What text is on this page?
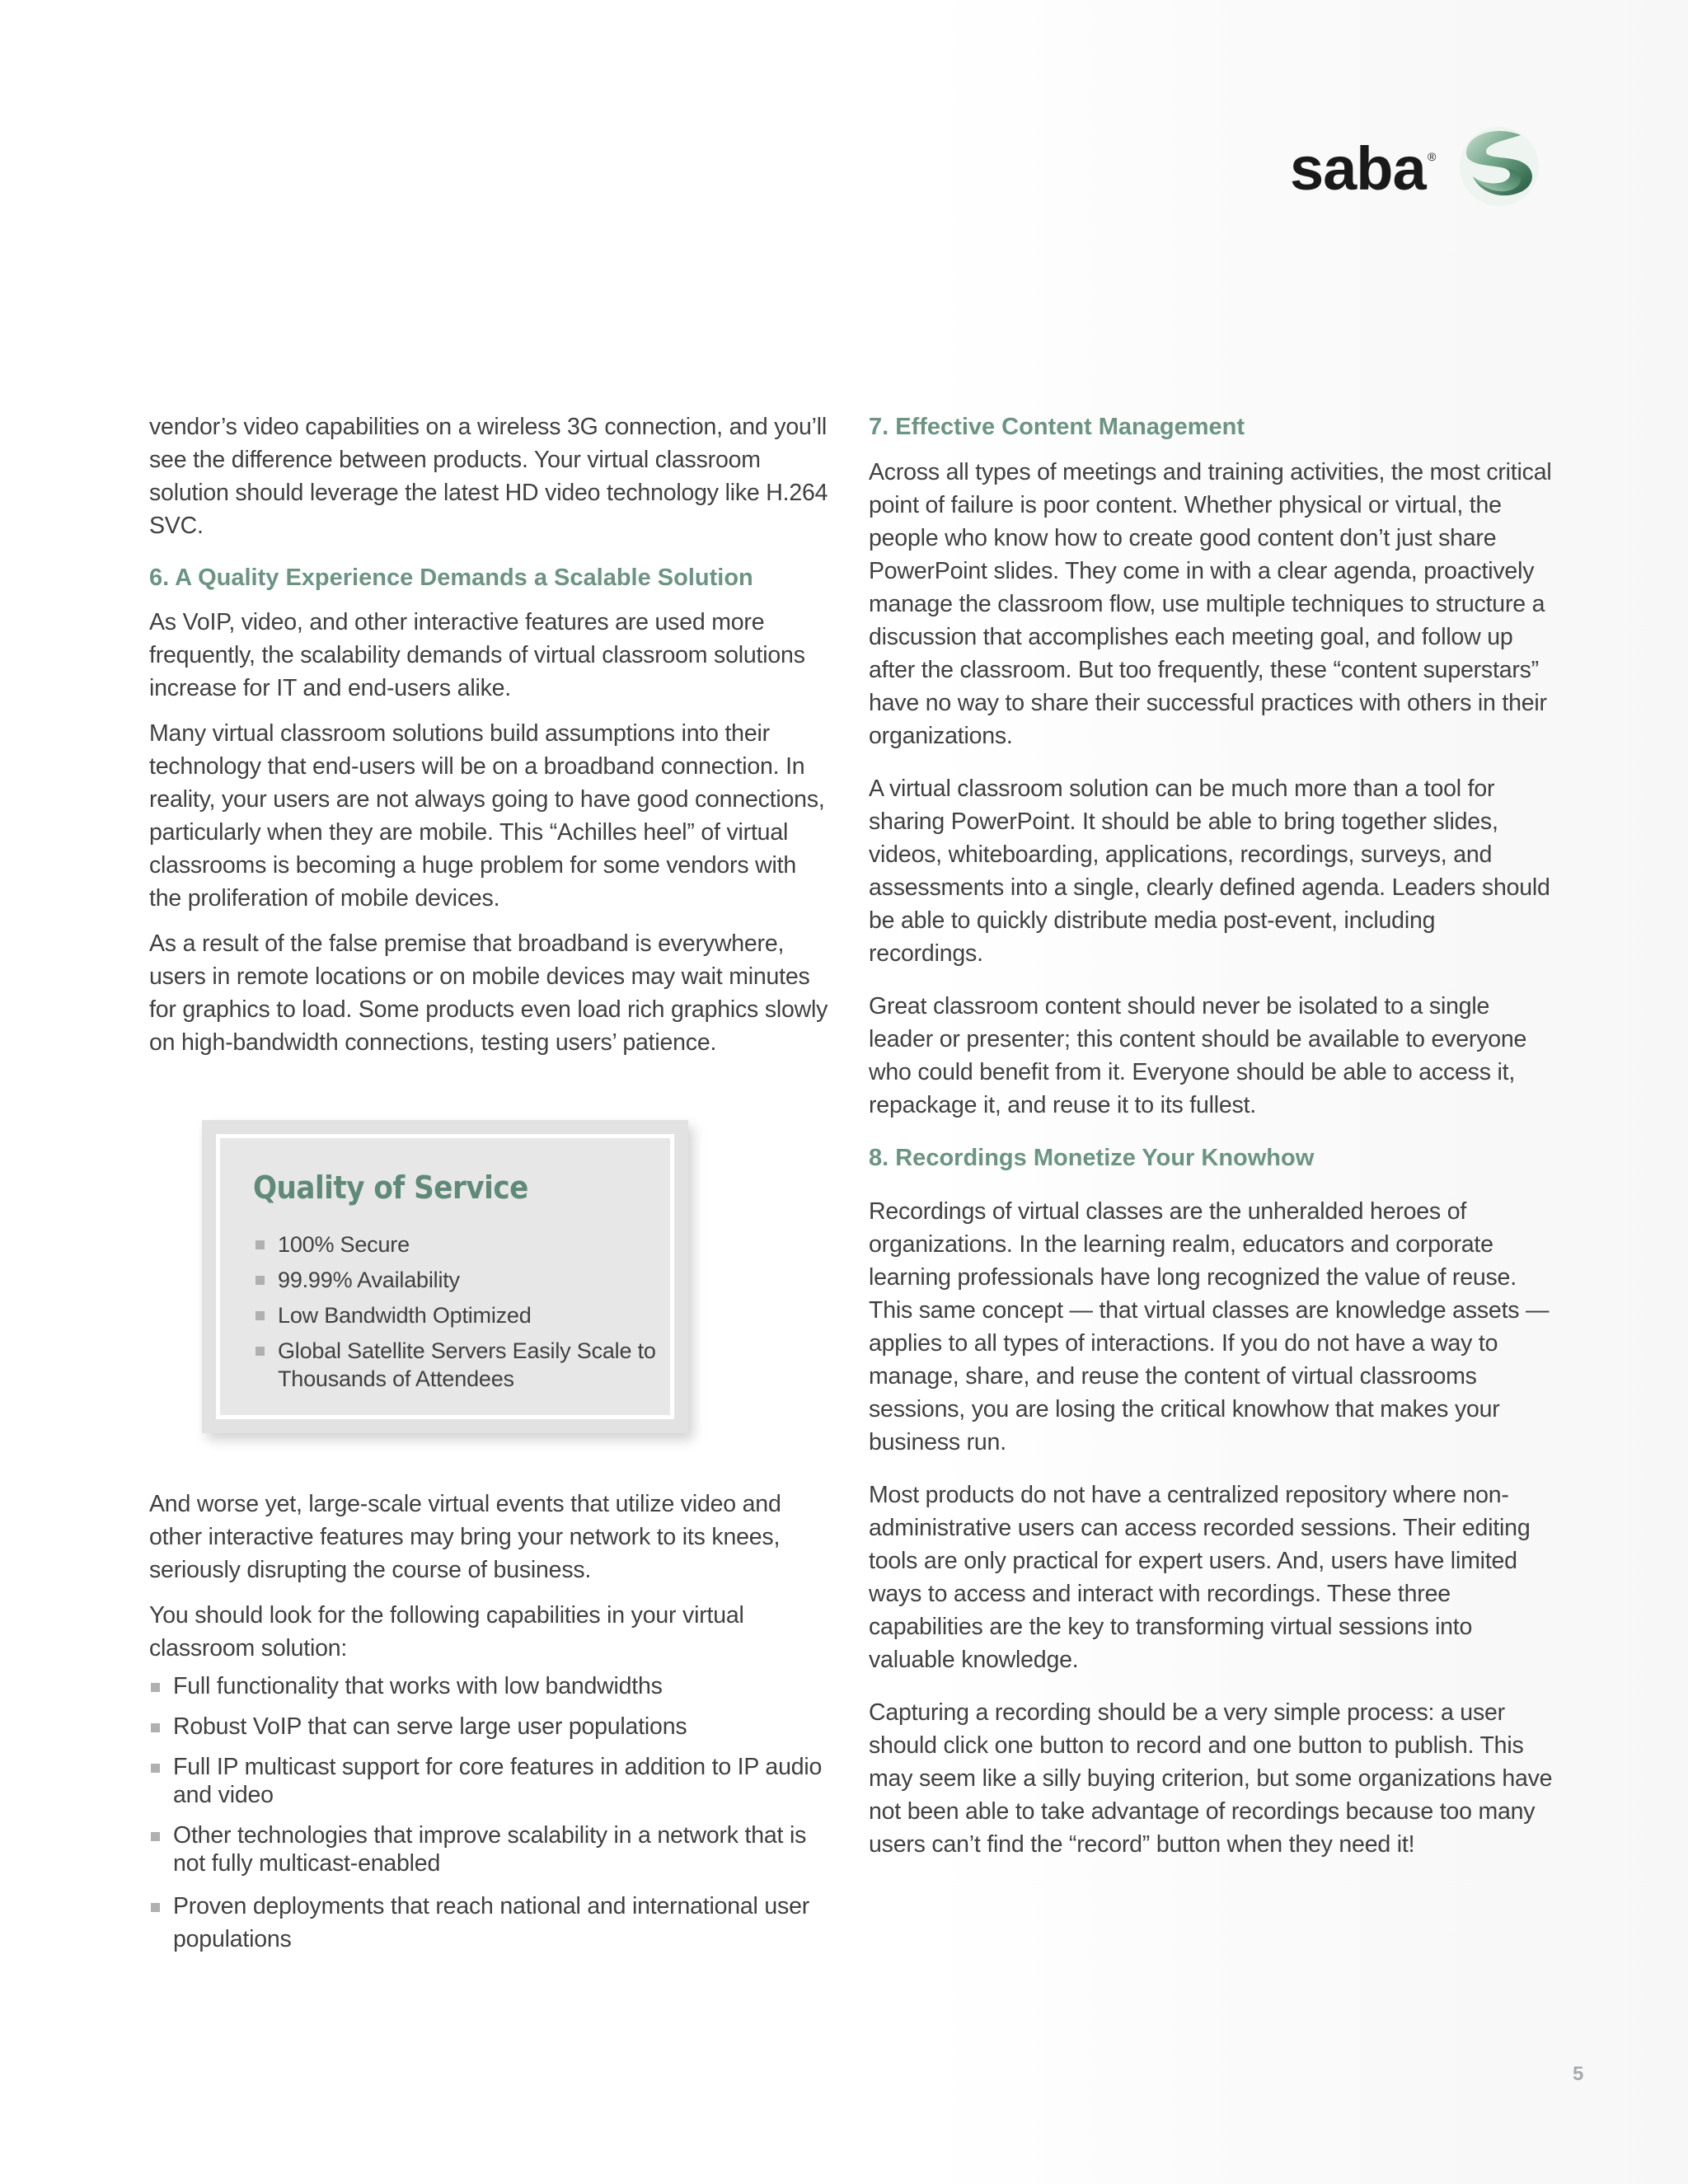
saba ®

vendor’s video capabilities on a wireless 3G connection, and you’ll see the difference between products. Your virtual classroom solution should leverage the latest HD video technology like H.264 SVC.

6. A Quality Experience Demands a Scalable Solution

As VoIP, video, and other interactive features are used more frequently, the scalability demands of virtual classroom solutions increase for IT and end-users alike.

Many virtual classroom solutions build assumptions into their technology that end-users will be on a broadband connection. In reality, your users are not always going to have good connections, particularly when they are mobile. This “Achilles heel” of virtual classrooms is becoming a huge problem for some vendors with the proliferation of mobile devices.

As a result of the false premise that broadband is everywhere, users in remote locations or on mobile devices may wait minutes for graphics to load. Some products even load rich graphics slowly on high-bandwidth connections, testing users’ patience.

Quality of Service
100% Secure
99.99% Availability
Low Bandwidth Optimized
Global Satellite Servers Easily Scale to Thousands of Attendees

And worse yet, large-scale virtual events that utilize video and other interactive features may bring your network to its knees, seriously disrupting the course of business.

You should look for the following capabilities in your virtual classroom solution:

Full functionality that works with low bandwidths
Robust VoIP that can serve large user populations
Full IP multicast support for core features in addition to IP audio and video
Other technologies that improve scalability in a network that is not fully multicast-enabled
Proven deployments that reach national and international user populations
7. Effective Content Management

Across all types of meetings and training activities, the most critical point of failure is poor content. Whether physical or virtual, the people who know how to create good content don’t just share PowerPoint slides. They come in with a clear agenda, proactively manage the classroom flow, use multiple techniques to structure a discussion that accomplishes each meeting goal, and follow up after the classroom. But too frequently, these “content superstars” have no way to share their successful practices with others in their organizations.

A virtual classroom solution can be much more than a tool for sharing PowerPoint. It should be able to bring together slides, videos, whiteboarding, applications, recordings, surveys, and assessments into a single, clearly defined agenda. Leaders should be able to quickly distribute media post-event, including recordings.

Great classroom content should never be isolated to a single leader or presenter; this content should be available to everyone who could benefit from it. Everyone should be able to access it, repackage it, and reuse it to its fullest.

8. Recordings Monetize Your Knowhow

Recordings of virtual classes are the unheralded heroes of organizations. In the learning realm, educators and corporate learning professionals have long recognized the value of reuse. This same concept — that virtual classes are knowledge assets — applies to all types of interactions. If you do not have a way to manage, share, and reuse the content of virtual classrooms sessions, you are losing the critical knowhow that makes your business run.

Most products do not have a centralized repository where non-administrative users can access recorded sessions. Their editing tools are only practical for expert users. And, users have limited ways to access and interact with recordings. These three capabilities are the key to transforming virtual sessions into valuable knowledge.

Capturing a recording should be a very simple process: a user should click one button to record and one button to publish. This may seem like a silly buying criterion, but some organizations have not been able to take advantage of recordings because too many users can’t find the “record” button when they need it!

5
